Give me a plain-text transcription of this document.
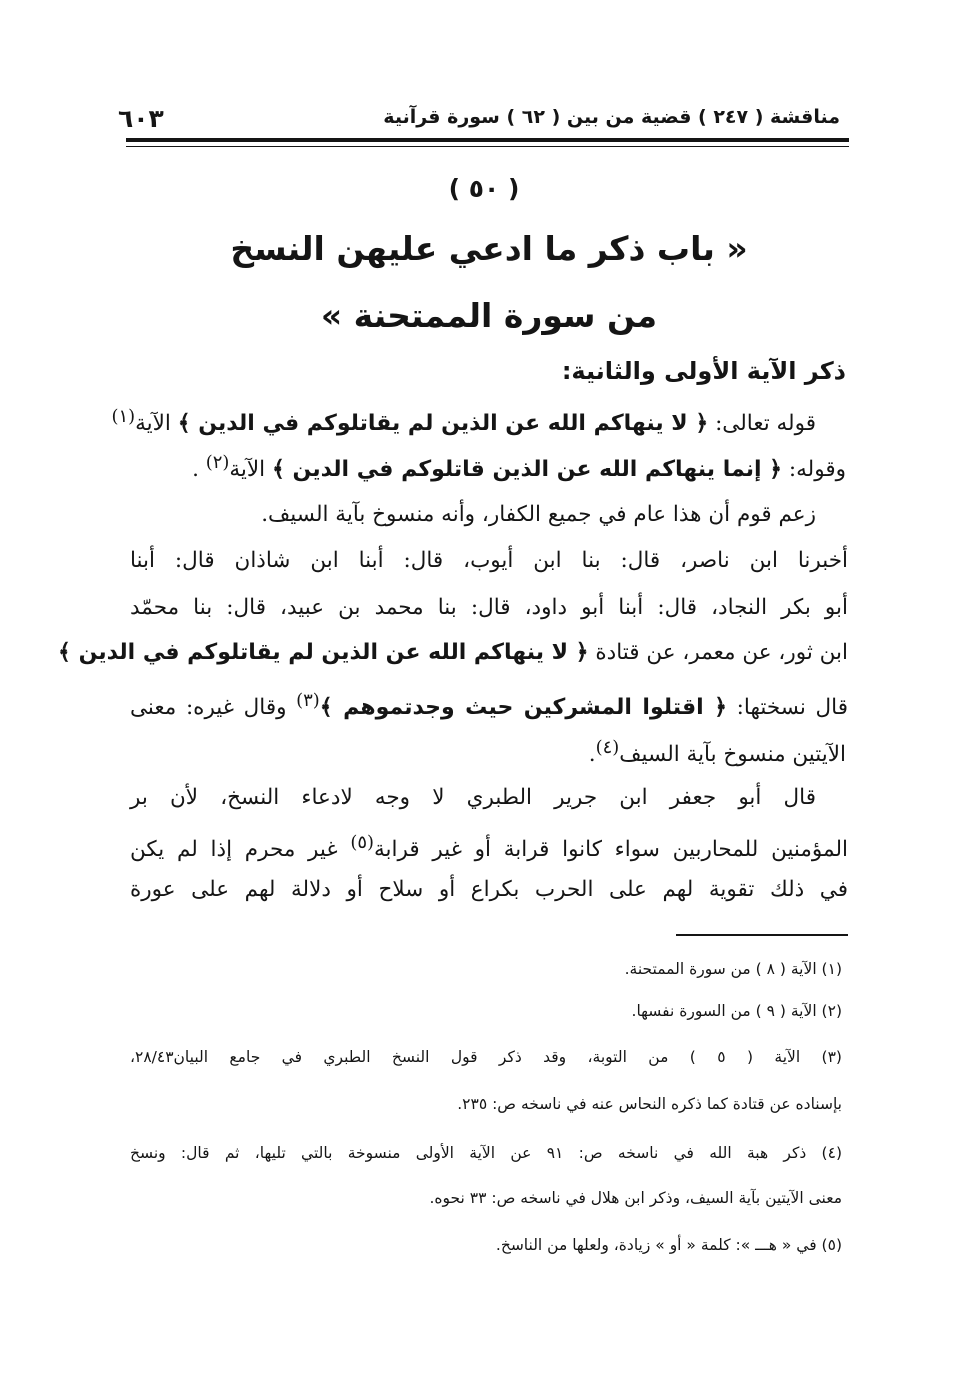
٦٠٣	مناقشة ( ٢٤٧ ) قضية من بين ( ٦٢ ) سورة قرآنية
( ٥٠ )
« باب ذكر ما ادعي عليهن النسخ
من سورة الممتحنة »
ذكر الآية الأولى والثانية:
قوله تعالى: ﴿ لا ينهاكم الله عن الذين لم يقاتلوكم في الدين ﴾ الآية$^{(١)}$
وقوله: ﴿ إنما ينهاكم الله عن الذين قاتلوكم في الدين ﴾ الآية$^{(٢)}$ .
زعم قوم أن هذا عام في جميع الكفار، وأنه منسوخ بآية السيف.
أخبرنا ابن ناصر، قال: بنا ابن أيوب، قال: أبنا ابن شاذان قال: أبنا
أبو بكر النجاد، قال: أبنا أبو داود، قال: بنا محمد بن عبيد، قال: بنا محمّد
ابن ثور، عن معمر، عن قتادة ﴿ لا ينهاكم الله عن الذين لم يقاتلوكم في الدين ﴾
قال نسختها: ﴿ اقتلوا المشركين حيث وجدتموهم ﴾$^{(٣)}$ وقال غيره: معنى
الآيتين منسوخ بآية السيف$^{(٤)}$.
قال أبو جعفر ابن جرير الطبري لا وجه لادعاء النسخ، لأن بر
المؤمنين للمحاربين سواء كانوا قرابة أو غير قرابة$^{(٥)}$ غير محرم إذا لم يكن
في ذلك تقوية لهم على الحرب بكراع أو سلاح أو دلالة لهم على عورة
(١) الآية ( ٨ ) من سورة الممتحنة.
(٢) الآية ( ٩ ) من السورة نفسها.
(٣) الآية ( ٥ ) من التوبة، وقد ذكر قول النسخ الطبري في جامع البيان٢٨/٤٣،
بإسناده عن قتادة كما ذكره النحاس عنه في ناسخه ص: ٢٣٥.
(٤) ذكر هبة الله في ناسخه ص: ٩١ عن الآية الأولى منسوخة بالتي تليها، ثم قال: ونسخ
معنى الآيتين بآية السيف، وذكر ابن هلال في ناسخه ص: ٣٣ نحوه.
(٥) في « هـــ »: كلمة « أو » زيادة، ولعلها من الناسخ.
